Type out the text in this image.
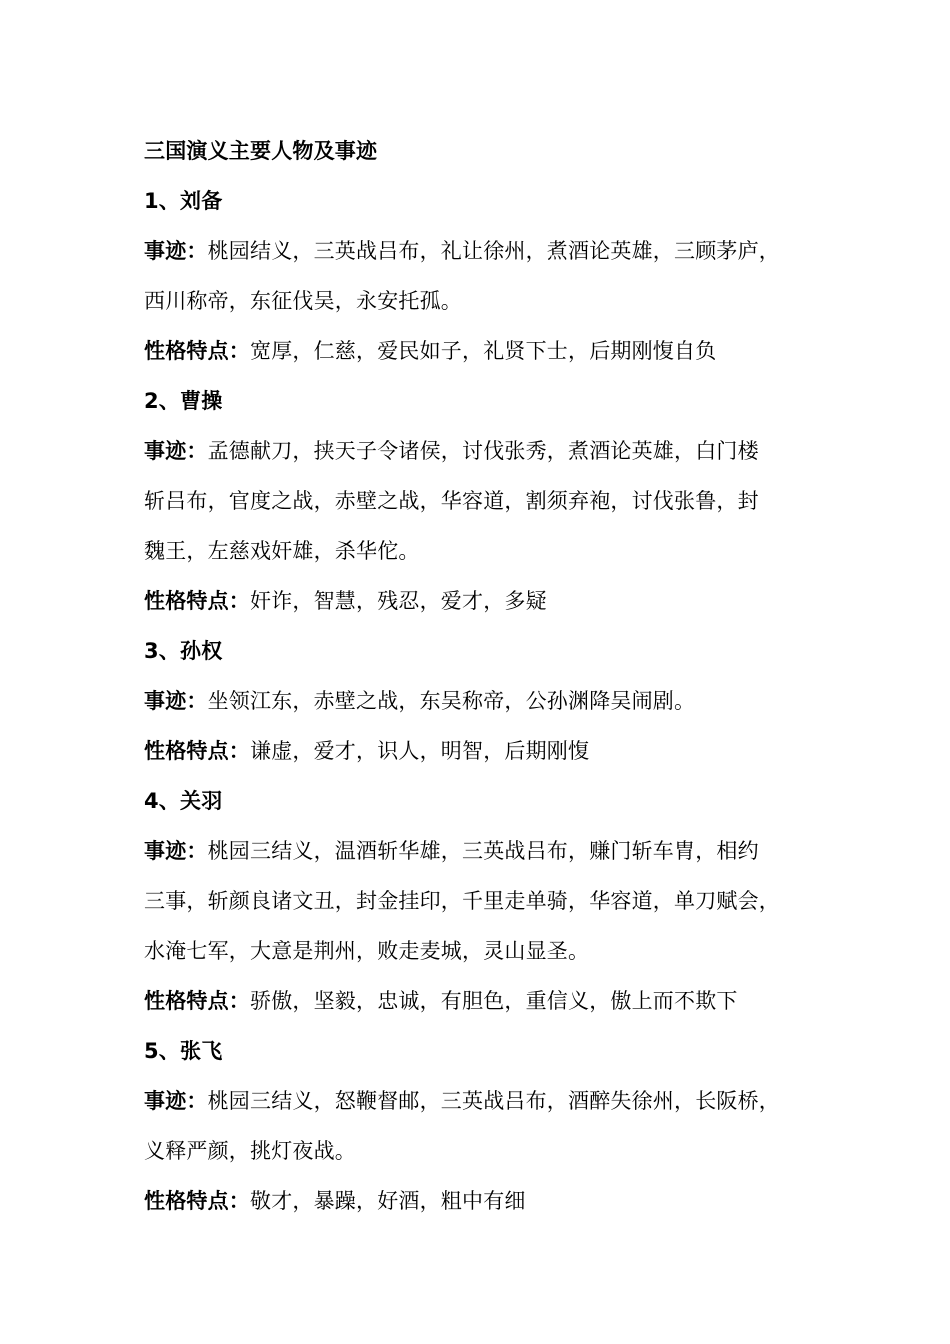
三国演义主要人物及事迹
1、刘备
事迹：桃园结义，三英战吕布，礼让徐州，煮酒论英雄，三顾茅庐，
西川称帝，东征伐吴，永安托孤。
性格特点：宽厚，仁慈，爱民如子，礼贤下士，后期刚愎自负
2、曹操
事迹：孟德献刀，挟天子令诸侯，讨伐张秀，煮酒论英雄，白门楼
斩吕布，官度之战，赤壁之战，华容道，割须弃袍，讨伐张鲁，封
魏王，左慈戏奸雄，杀华佗。
性格特点：奸诈，智慧，残忍，爱才，多疑
3、孙权
事迹：坐领江东，赤壁之战，东吴称帝，公孙渊降吴闹剧。
性格特点：谦虚，爱才，识人，明智，后期刚愎
4、关羽
事迹：桃园三结义，温酒斩华雄，三英战吕布，赚门斩车胄，相约
三事，斩颜良诸文丑，封金挂印，千里走单骑，华容道，单刀赋会，
水淹七军，大意是荆州，败走麦城，灵山显圣。
性格特点：骄傲，坚毅，忠诚，有胆色，重信义，傲上而不欺下
5、张飞
事迹：桃园三结义，怒鞭督邮，三英战吕布，酒醉失徐州，长阪桥，
义释严颜，挑灯夜战。
性格特点：敬才，暴躁，好酒，粗中有细
